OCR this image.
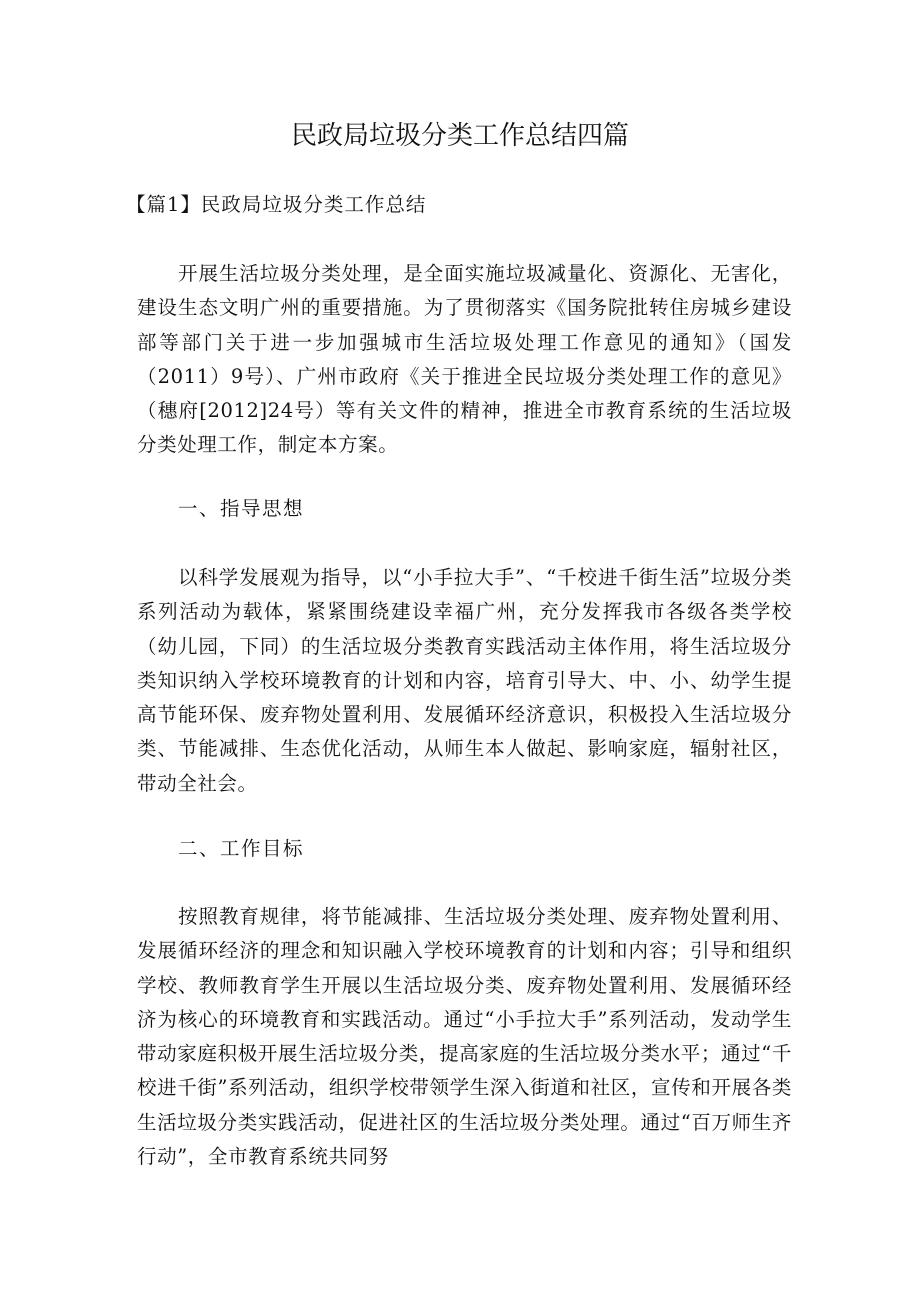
民政局垃圾分类工作总结四篇
【篇1】民政局垃圾分类工作总结

开展生活垃圾分类处理，是全面实施垃圾减量化、资源化、无害化，建设生态文明广州的重要措施。为了贯彻落实《国务院批转住房城乡建设部等部门关于进一步加强城市生活垃圾处理工作意见的通知》（国发（2011）9号）、广州市政府《关于推进全民垃圾分类处理工作的意见》（穗府[2012]24号）等有关文件的精神，推进全市教育系统的生活垃圾分类处理工作，制定本方案。

一、指导思想

以科学发展观为指导，以“小手拉大手”、“千校进千街生活”垃圾分类系列活动为载体，紧紧围绕建设幸福广州，充分发挥我市各级各类学校（幼儿园，下同）的生活垃圾分类教育实践活动主体作用，将生活垃圾分类知识纳入学校环境教育的计划和内容，培育引导大、中、小、幼学生提高节能环保、废弃物处置利用、发展循环经济意识，积极投入生活垃圾分类、节能减排、生态优化活动，从师生本人做起、影响家庭，辐射社区，带动全社会。

二、工作目标

按照教育规律，将节能减排、生活垃圾分类处理、废弃物处置利用、发展循环经济的理念和知识融入学校环境教育的计划和内容；引导和组织学校、教师教育学生开展以生活垃圾分类、废弃物处置利用、发展循环经济为核心的环境教育和实践活动。通过“小手拉大手”系列活动，发动学生带动家庭积极开展生活垃圾分类，提高家庭的生活垃圾分类水平；通过“千校进千街”系列活动，组织学校带领学生深入街道和社区，宣传和开展各类生活垃圾分类实践活动，促进社区的生活垃圾分类处理。通过“百万师生齐行动”，全市教育系统共同努
